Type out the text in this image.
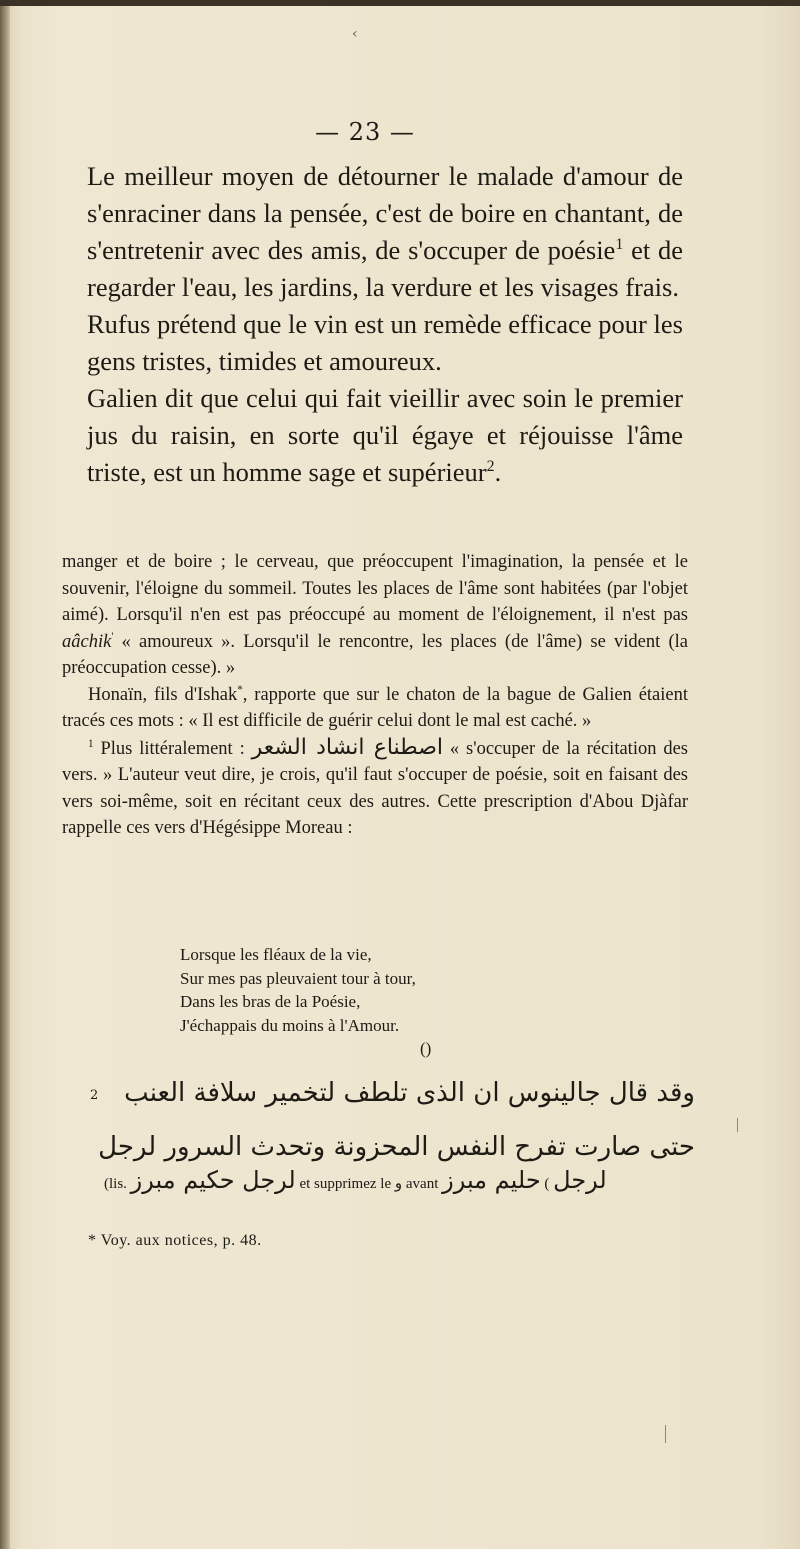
‹
— 23 —

Le meilleur moyen de détourner le malade d'amour de s'enraciner dans la pensée, c'est de boire en chantant, de s'entretenir avec des amis, de s'occuper de poésie$^1$ et de regarder l'eau, les jardins, la verdure et les visages frais.

Rufus prétend que le vin est un remède efficace pour les gens tristes, timides et amoureux.

Galien dit que celui qui fait vieillir avec soin le premier jus du raisin, en sorte qu'il égaye et réjouisse l'âme triste, est un homme sage et supérieur$^2$.

manger et de boire ; le cerveau, que préoccupent l'imagination, la pensée et le souvenir, l'éloigne du sommeil. Toutes les places de l'âme sont habitées (par l'objet aimé). Lorsqu'il n'en est pas préoccupé au moment de l'éloignement, il n'est pas aâchik' « amoureux ». Lorsqu'il le rencontre, les places (de l'âme) se vident (la préoccupation cesse). »

Honaïn, fils d'Ishak*, rapporte que sur le chaton de la bague de Galien étaient tracés ces mots : « Il est difficile de guérir celui dont le mal est caché. »

$^1$ Plus littéralement : اصطناع انشاد الشعر « s'occuper de la récitation des vers. » L'auteur veut dire, je crois, qu'il faut s'occuper de poésie, soit en faisant des vers soi-même, soit en récitant ceux des autres. Cette prescription d'Abou Djàfar rappelle ces vers d'Hégésippe Moreau :

Lorsque les fléaux de la vie,
Sur mes pas pleuvaient tour à tour,
Dans les bras de la Poésie,
J'échappais du moins à l'Amour.
()
2 وقد قال جالينوس ان الذى تلطف لتخمير سلافة العنب
حتى صارت تفرح النفس المحزونة وتحدث السرور لرجل
(lis. لرجل حكيم مبرز et supprimez le و avant	لرجل ) حليم مبرز
* Voy. aux notices, p. 48.
